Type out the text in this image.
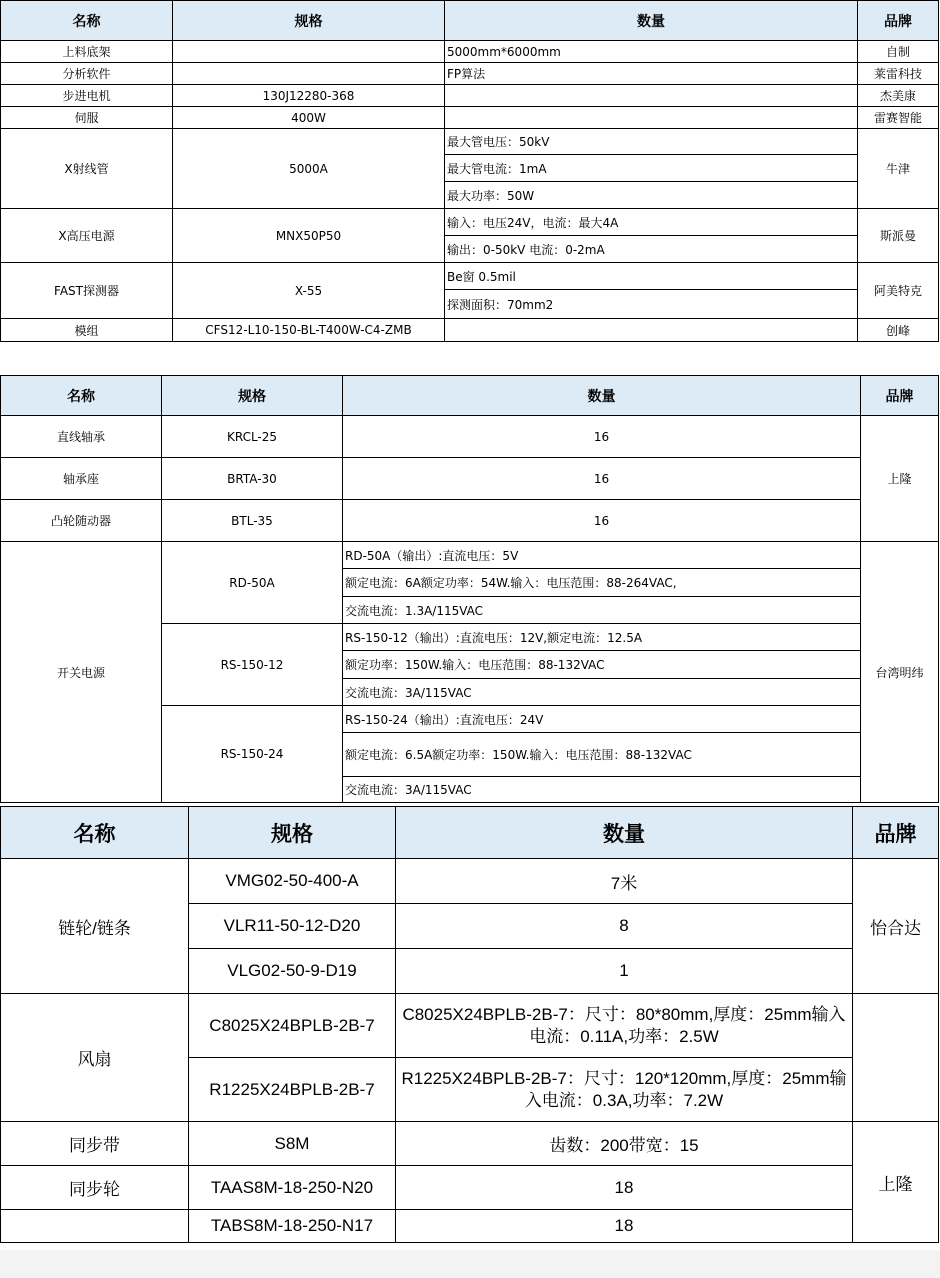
名称	规格	数量	品牌
上料底架		5000mm*6000mm	自制
分析软件		FP算法	莱雷科技
步进电机	130J12280-368		杰美康
伺服	400W		雷赛智能
X射线管	5000A	最大管电压：50kV	牛津
		最大管电流：1mA	
		最大功率：50W	
X高压电源	MNX50P50	输入：电压24V，电流：最大4A	斯派曼
		输出：0-50kV 电流：0-2mA	
FAST探测器	X-55	Be窗 0.5mil	阿美特克
		探测面积：70mm2	
模组	CFS12-L10-150-BL-T400W-C4-ZMB		创峰
名称	规格	数量	品牌
直线轴承	KRCL-25	16	上隆
轴承座	BRTA-30	16	
凸轮随动器	BTL-35	16	
开关电源	RD-50A	RD-50A（输出）:直流电压：5V	台湾明纬
		额定电流：6A额定功率：54W.输入：电压范围：88-264VAC,	
		交流电流：1.3A/115VAC	
	RS-150-12	RS-150-12（输出）:直流电压：12V,额定电流：12.5A	
		额定功率：150W.输入：电压范围：88-132VAC	
		交流电流：3A/115VAC	
	RS-150-24	RS-150-24（输出）:直流电压：24V	
		额定电流：6.5A额定功率：150W.输入：电压范围：88-132VAC	
		交流电流：3A/115VAC	
名称	规格	数量	品牌
链轮/链条	VMG02-50-400-A	7米	怡合达
	VLR11-50-12-D20	8	
	VLG02-50-9-D19	1	
风扇	C8025X24BPLB-2B-7	C8025X24BPLB-2B-7：尺寸：80*80mm,厚度：25mm输入
电流：0.11A,功率：2.5W	

	R1225X24BPLB-2B-7	R1225X24BPLB-2B-7：尺寸：120*120mm,厚度：25mm输
入电流：0.3A,功率：7.2W	

同步带	S8M	齿数：200带宽：15	上隆
同步轮	TAAS8M-18-250-N20	18	
	TABS8M-18-250-N17	18	
